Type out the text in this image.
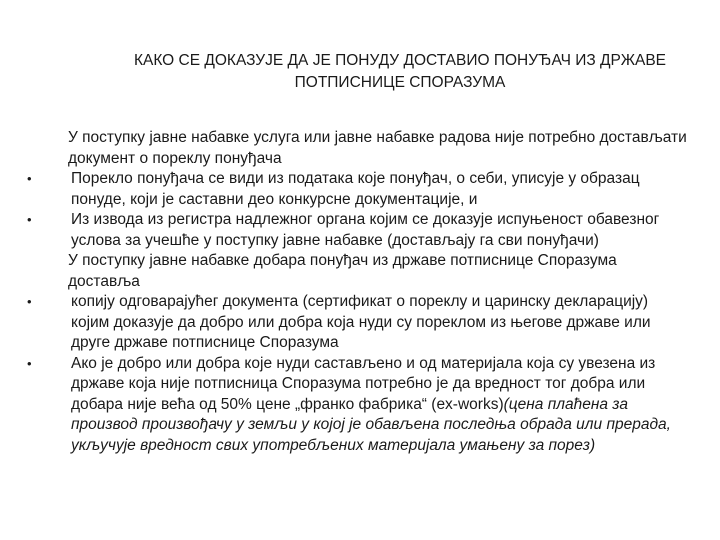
КАКО СЕ ДОКАЗУЈЕ ДА ЈЕ ПОНУДУ ДОСТАВИО ПОНУЂАЧ ИЗ ДРЖАВЕ
ПОТПИСНИЦЕ СПОРАЗУМА
У поступку јавне набавке услуга или јавне набавке радова није потребно достављати документ о пореклу понуђача
•	Порекло понуђача се види из података које понуђач, о себи, уписује у образац понуде, који је саставни део конкурсне документације, и
•	Из извода из регистра надлежног органа којим се доказује испуњеност обавезног услова за учешће у поступку јавне набавке (достављају га сви понуђачи)
У поступку јавне набавке добара понуђач из државе потписнице Споразума доставља
•	копију одговарајућег документа (сертификат о пореклу и царинску декларацију) којим доказује да добро или добра која нуди су пореклом из његове државе или друге државе потписнице Споразума
•	Ако је добро или добра које нуди састављено и од материјала која су увезена из државе која није потписница Споразума потребно је да вредност тог добра или добара није већа од 50% цене „франко фабрика“ (ex-works)(цена плаћена за производ произвођачу у земљи у којој је обављена последња обрада или прерада, укључује вредност свих употребљених материјала умањену за порез)
